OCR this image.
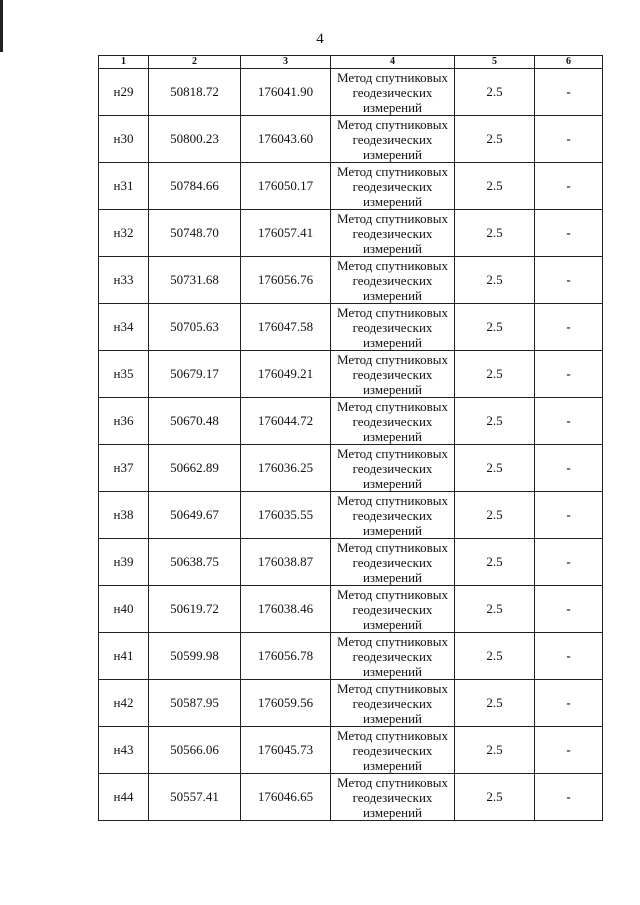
4
1	2	3	4	5	6
н29	50818.72	176041.90	Метод спутниковых
геодезических
измерений	2.5	-
н30	50800.23	176043.60	Метод спутниковых
геодезических
измерений	2.5	-
н31	50784.66	176050.17	Метод спутниковых
геодезических
измерений	2.5	-
н32	50748.70	176057.41	Метод спутниковых
геодезических
измерений	2.5	-
н33	50731.68	176056.76	Метод спутниковых
геодезических
измерений	2.5	-
н34	50705.63	176047.58	Метод спутниковых
геодезических
измерений	2.5	-
н35	50679.17	176049.21	Метод спутниковых
геодезических
измерений	2.5	-
н36	50670.48	176044.72	Метод спутниковых
геодезических
измерений	2.5	-
н37	50662.89	176036.25	Метод спутниковых
геодезических
измерений	2.5	-
н38	50649.67	176035.55	Метод спутниковых
геодезических
измерений	2.5	-
н39	50638.75	176038.87	Метод спутниковых
геодезических
измерений	2.5	-
н40	50619.72	176038.46	Метод спутниковых
геодезических
измерений	2.5	-
н41	50599.98	176056.78	Метод спутниковых
геодезических
измерений	2.5	-
н42	50587.95	176059.56	Метод спутниковых
геодезических
измерений	2.5	-
н43	50566.06	176045.73	Метод спутниковых
геодезических
измерений	2.5	-
н44	50557.41	176046.65	Метод спутниковых
геодезических
измерений	2.5	-
